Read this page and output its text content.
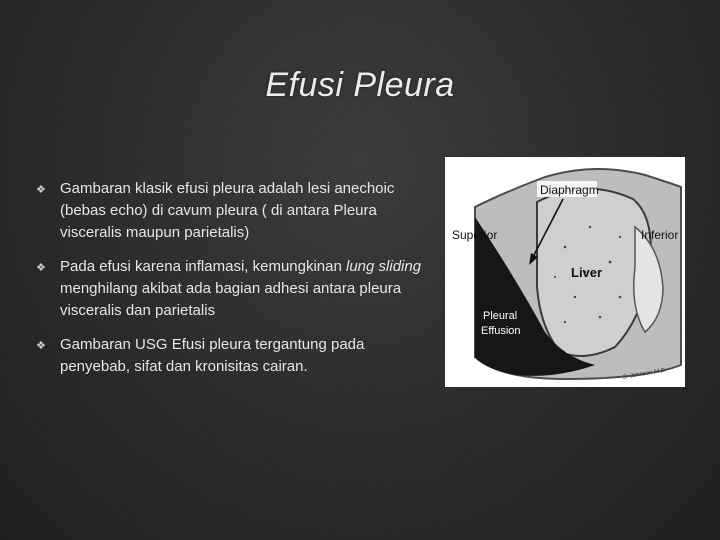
Efusi Pleura
❖ Gambaran klasik efusi pleura adalah lesi anechoic (bebas echo) di cavum pleura ( di antara Pleura visceralis maupun parietalis)
❖ Pada efusi karena inflamasi, kemungkinan lung sliding menghilang akibat ada bagian adhesi antara pleura visceralis dan parietalis
❖ Gambaran USG Efusi pleura tergantung pada penyebab, sifat dan kronisitas cairan.
Diaphragm
Superior	Inferior
Liver
Pleural
Effusion
S. Johnson M.D.
